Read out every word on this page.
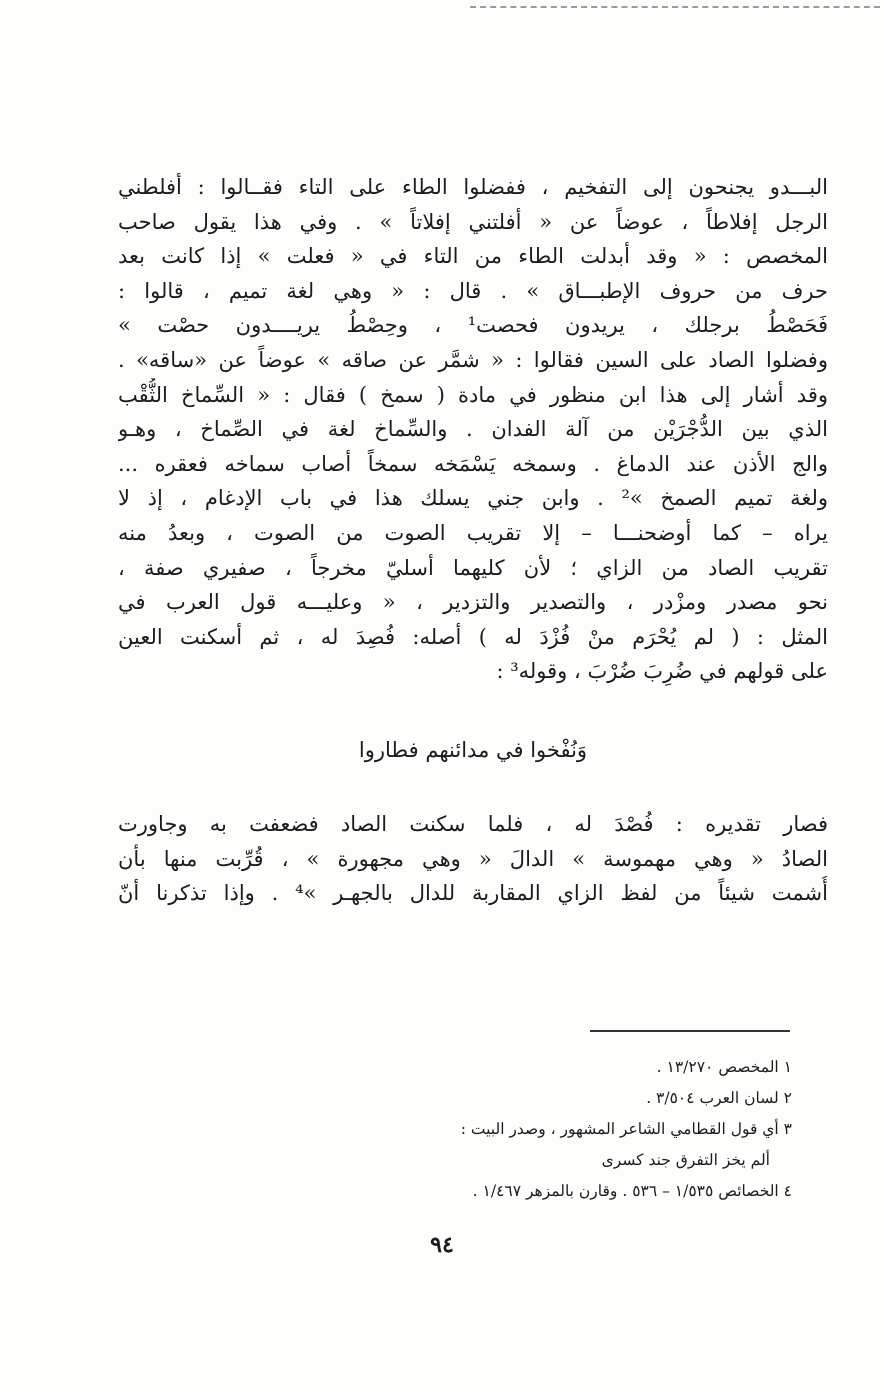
البـــدو يجنحون إلى التفخيم ، ففضلوا الطاء على التاء فقــالوا : أفلطني
الرجل إفلاطاً ، عوضاً عن « أفلتني إفلاتاً » . وفي هذا يقول صاحب
المخصص : « وقد أبدلت الطاء من التاء في « فعلت » إذا كانت بعد
حرف من حروف الإطبـــاق » . قال : « وهي لغة تميم ، قالوا :
فَحَصْطُ برجلك ، يريدون فحصت¹ ، وحِصْطُ يريــــدون حصْت »
وفضلوا الصاد على السين فقالوا : « شمَّر عن صاقه » عوضاً عن «ساقه» .
وقد أشار إلى هذا ابن منظور في مادة ( سمخ ) فقال : « السِّماخ الثُّقْب
الذي بين الدُّجْرَيْن من آلة الفدان . والسِّماخ لغة في الصِّماخ ، وهـو
والج الأذن عند الدماغ . وسمخه يَسْمَخه سمخاً أصاب سماخه فعقره ...
ولغة تميم الصمخ »² . وابن جني يسلك هذا في باب الإدغام ، إذ لا
يراه – كما أوضحنـــا – إلا تقريب الصوت من الصوت ، وبعدُ منه
تقريب الصاد من الزاي ؛ لأن كليهما أسليّ مخرجاً ، صفيري صفة ،
نحو مصدر ومزْدر ، والتصدير والتزدير ، « وعليـــه قول العرب في
المثل : ( لم يُحْرَم منْ فُزْدَ له ) أصله: فُصِدَ له ، ثم أسكنت العين
على قولهم في ضُرِبَ ضُرْبَ ، وقوله³ :
وَنُفْخوا في مدائنهم فطاروا
فصار تقديره : فُصْدَ له ، فلما سكنت الصاد فضعفت به وجاورت
الصادُ « وهي مهموسة » الدالَ « وهي مجهورة » ، قُرِّبت منها بأن
أُشمت شيئاً من لفظ الزاي المقاربة للدال بالجهـر »⁴ . وإذا تذكرنا أنّ
١ المخصص ١٣/٢٧٠ .
٢ لسان العرب ٣/٥٠٤ .
٣ أي قول القطامي الشاعر المشهور ، وصدر البيت :
ألم يخز التفرق جند كسرى
٤ الخصائص ١/٥٣٥ – ٥٣٦ . وقارن بالمزهر ١/٤٦٧ .
٩٤
